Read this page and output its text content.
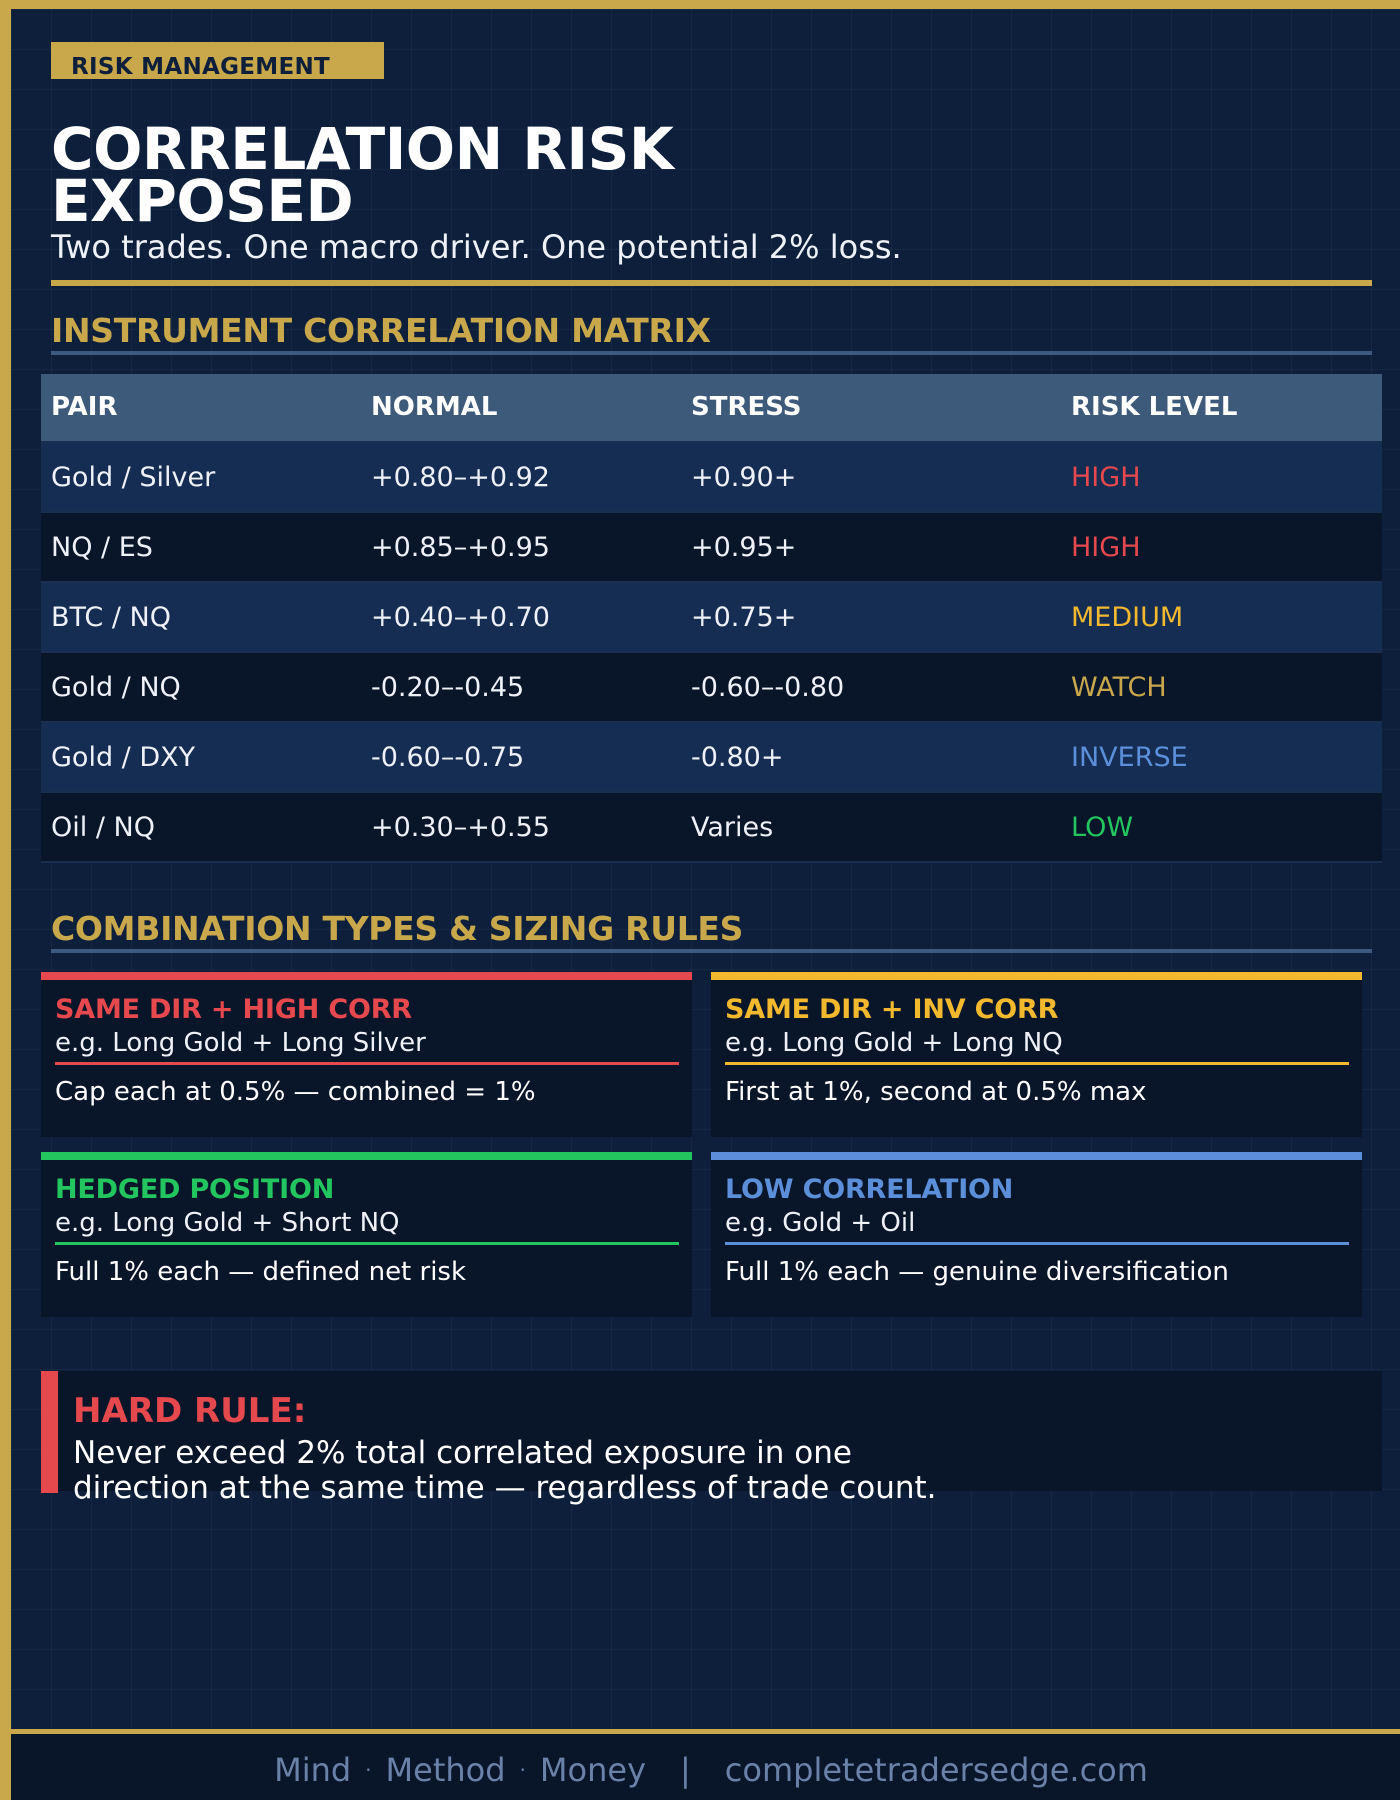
RISK MANAGEMENT
CORRELATION RISK
EXPOSED
Two trades. One macro driver. One potential 2% loss.
INSTRUMENT CORRELATION MATRIX
PAIR	NORMAL	STRESS	RISK LEVEL
Gold / Silver	+0.80–+0.92	+0.90+	HIGH
NQ / ES	+0.85–+0.95	+0.95+	HIGH
BTC / NQ	+0.40–+0.70	+0.75+	MEDIUM
Gold / NQ	-0.20–-0.45	-0.60–-0.80	WATCH
Gold / DXY	-0.60–-0.75	-0.80+	INVERSE
Oil / NQ	+0.30–+0.55	Varies	LOW
COMBINATION TYPES & SIZING RULES
SAME DIR + HIGH CORR
e.g. Long Gold + Long Silver
Cap each at 0.5% — combined = 1%
SAME DIR + INV CORR
e.g. Long Gold + Long NQ
First at 1%, second at 0.5% max
HEDGED POSITION
e.g. Long Gold + Short NQ
Full 1% each — defined net risk
LOW CORRELATION
e.g. Gold + Oil
Full 1% each — genuine diversification
HARD RULE:
Never exceed 2% total correlated exposure in one
direction at the same time — regardless of trade count.
Mind · Method · Money | completetradersedge.com
